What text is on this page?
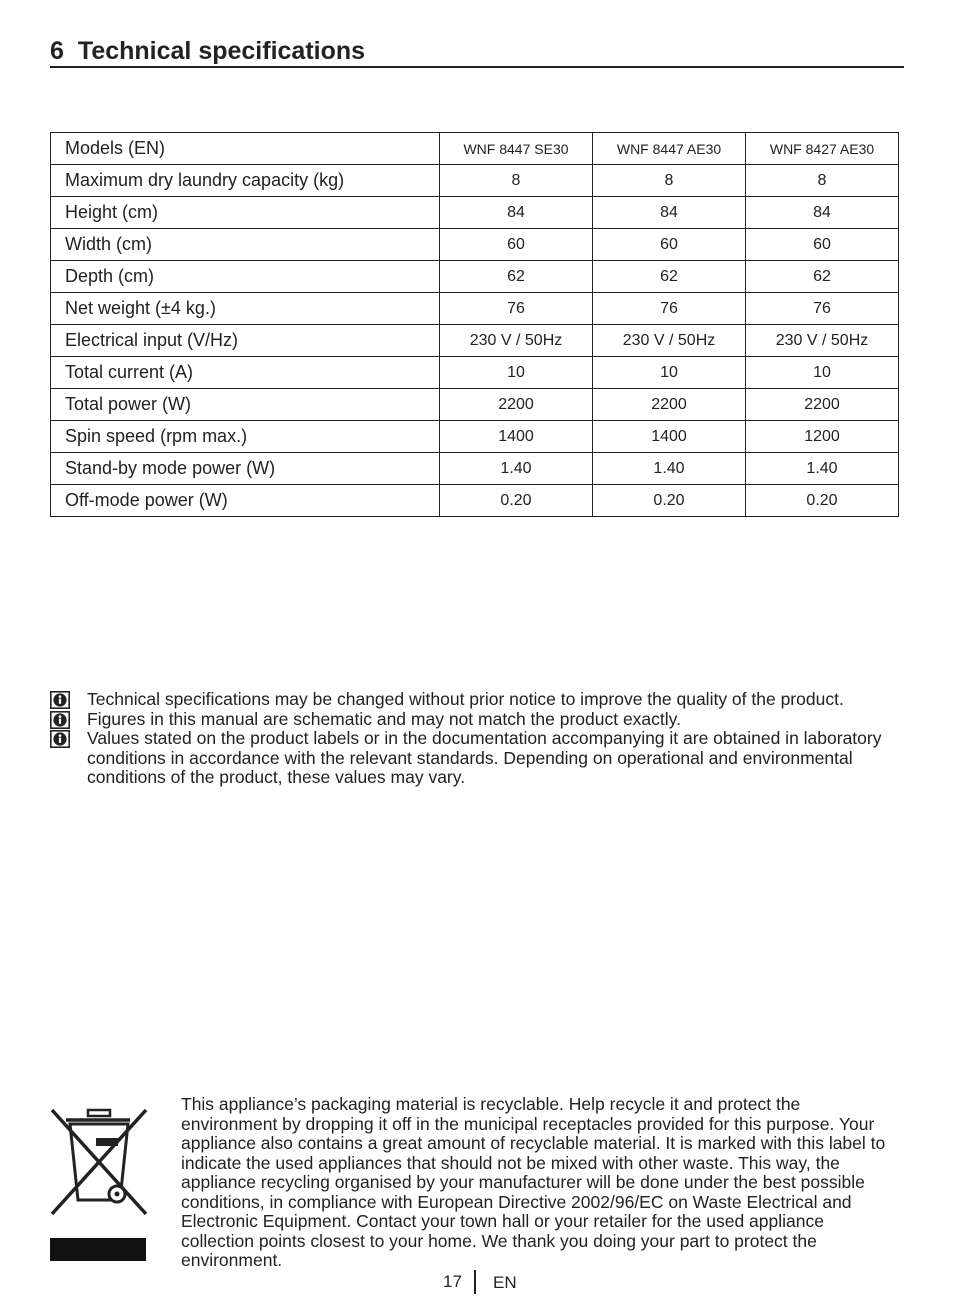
6 Technical specifications
Models (EN)	WNF 8447 SE30	WNF 8447 AE30	WNF 8427 AE30
Maximum dry laundry capacity (kg)	8	8	8
Height (cm)	84	84	84
Width (cm)	60	60	60
Depth (cm)	62	62	62
Net weight (±4 kg.)	76	76	76
Electrical input (V/Hz)	230 V / 50Hz	230 V / 50Hz	230 V / 50Hz
Total current (A)	10	10	10
Total power (W)	2200	2200	2200
Spin speed (rpm max.)	1400	1400	1200
Stand-by mode power (W)	1.40	1.40	1.40
Off-mode power (W)	0.20	0.20	0.20
Technical specifications may be changed without prior notice to improve the quality of the product.
Figures in this manual are schematic and may not match the product exactly.
Values stated on the product labels or in the documentation accompanying it are obtained in laboratory conditions in accordance with the relevant standards. Depending on operational and environmental conditions of the product, these values may vary.
This appliance’s packaging material is recyclable. Help recycle it and protect the environment by dropping it off in the municipal receptacles provided for this purpose. Your appliance also contains a great amount of recyclable material. It is marked with this label to indicate the used appliances that should not be mixed with other waste. This way, the appliance recycling organised by your manufacturer will be done under the best possible conditions, in compliance with European Directive 2002/96/EC on Waste Electrical and Electronic Equipment. Contact your town hall or your retailer for the used appliance collection points closest to your home. We thank you doing your part to protect the environment.
17 EN
